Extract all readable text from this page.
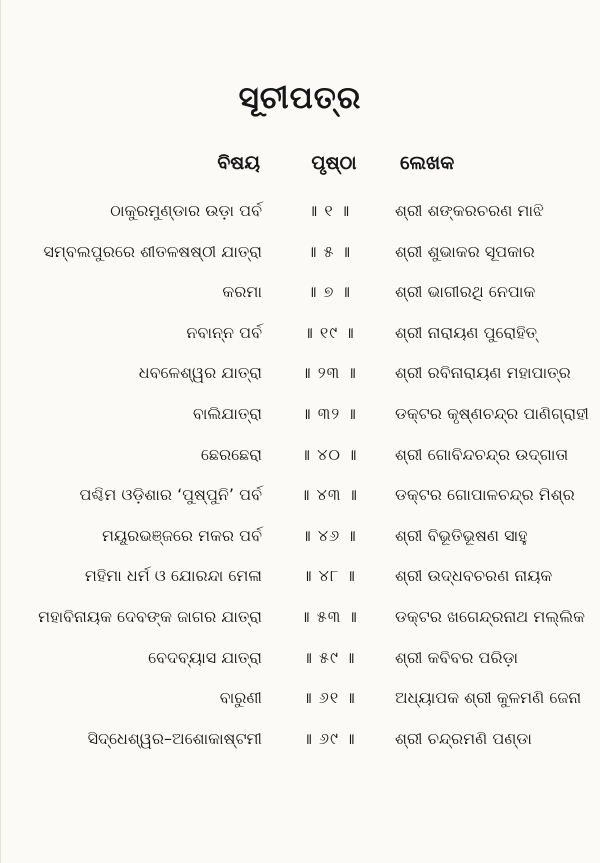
ସୂଚୀପତ୍ର
ବିଷୟ	ପୃଷ୍ଠା	ଲେଖକ
ଠାକୁରମୁଣ୍ଡାର ଉଡ଼ା ପର୍ବ	॥ ୧ ॥	ଶ୍ରୀ ଶଙ୍କରଚରଣ ମାଝି
ସମ୍ବଲପୁରରେ ଶୀତଳଷଷ୍ଠୀ ଯାତ୍ରା	॥ ୫ ॥	ଶ୍ରୀ ଶୁଭାକର ସୂପକାର
କରମା	॥ ୭ ॥	ଶ୍ରୀ ଭାଗୀରଥି ନେପାକ
ନବାନ୍ନ ପର୍ବ	॥ ୧୯ ॥	ଶ୍ରୀ ନାରାୟଣ ପୁରୋହିତ୍
ଧବଳେଶ୍ୱର ଯାତ୍ରା	॥ ୨୩ ॥	ଶ୍ରୀ ରବିନାରାୟଣ ମହାପାତ୍ର
ବାଲିଯାତ୍ରା	॥ ୩୨ ॥	ଡକ୍ଟର କୃଷ୍ଣଚନ୍ଦ୍ର ପାଣିଗ୍ରାହୀ
ଛେରଛେରା	॥ ୪୦ ॥	ଶ୍ରୀ ଗୋବିନ୍ଦଚନ୍ଦ୍ର ଉଦ୍‌ଗାତା
ପଶ୍ଚିମ ଓଡ଼ିଶାର ‘ପୁଷ୍ପୁନି’ ପର୍ବ	॥ ୪୩ ॥	ଡକ୍ଟର ଗୋପାଳଚନ୍ଦ୍ର ମିଶ୍ର
ମୟୂରଭଞ୍ଜରେ ମକର ପର୍ବ	॥ ୪୬ ॥	ଶ୍ରୀ ବିଭୂତିଭୂଷଣ ସାହୁ
ମହିମା ଧର୍ମ ଓ ଯୋରନ୍ଦା ମେଳା	॥ ୪୮ ॥	ଶ୍ରୀ ଉଦ୍ଧବଚରଣ ନାୟକ
ମହାବିନାୟକ ଦେବଙ୍କ ଜାଗର ଯାତ୍ରା	॥ ୫୩ ॥	ଡକ୍ଟର ଖଗେନ୍ଦ୍ରନାଥ ମଲ୍ଲିକ
ବେଦବ୍ୟାସ ଯାତ୍ରା	॥ ୫୯ ॥	ଶ୍ରୀ କବିବର ପରିଡ଼ା
ବାରୁଣୀ	॥ ୬୧ ॥	ଅଧ୍ୟାପକ ଶ୍ରୀ କୁଳମଣି ଜେନା
ସିଦ୍ଧେଶ୍ୱର–ଅଶୋକାଷ୍ଟମୀ	॥ ୬୯ ॥	ଶ୍ରୀ ଚନ୍ଦ୍ରମଣି ପଣ୍ଡା
